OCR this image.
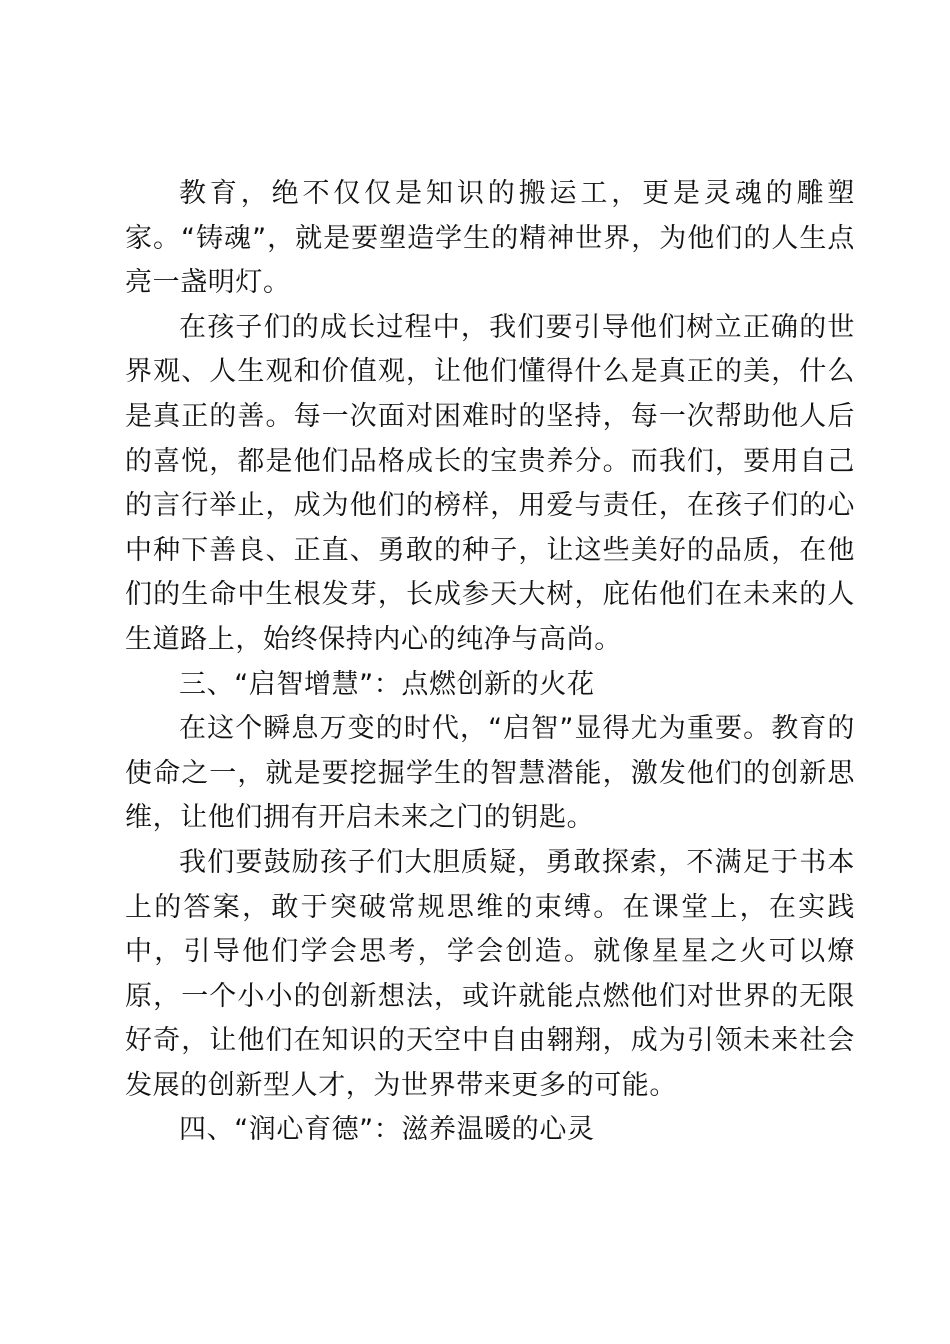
教育，绝不仅仅是知识的搬运工，更是灵魂的雕塑家。“铸魂”，就是要塑造学生的精神世界，为他们的人生点亮一盏明灯。

在孩子们的成长过程中，我们要引导他们树立正确的世界观、人生观和价值观，让他们懂得什么是真正的美，什么是真正的善。每一次面对困难时的坚持，每一次帮助他人后的喜悦，都是他们品格成长的宝贵养分。而我们，要用自己的言行举止，成为他们的榜样，用爱与责任，在孩子们的心中种下善良、正直、勇敢的种子，让这些美好的品质，在他们的生命中生根发芽，长成参天大树，庇佑他们在未来的人生道路上，始终保持内心的纯净与高尚。

三、“启智增慧”：点燃创新的火花

在这个瞬息万变的时代，“启智”显得尤为重要。教育的使命之一，就是要挖掘学生的智慧潜能，激发他们的创新思维，让他们拥有开启未来之门的钥匙。

我们要鼓励孩子们大胆质疑，勇敢探索，不满足于书本上的答案，敢于突破常规思维的束缚。在课堂上，在实践中，引导他们学会思考，学会创造。就像星星之火可以燎原，一个小小的创新想法，或许就能点燃他们对世界的无限好奇，让他们在知识的天空中自由翱翔，成为引领未来社会发展的创新型人才，为世界带来更多的可能。

四、“润心育德”：滋养温暖的心灵
